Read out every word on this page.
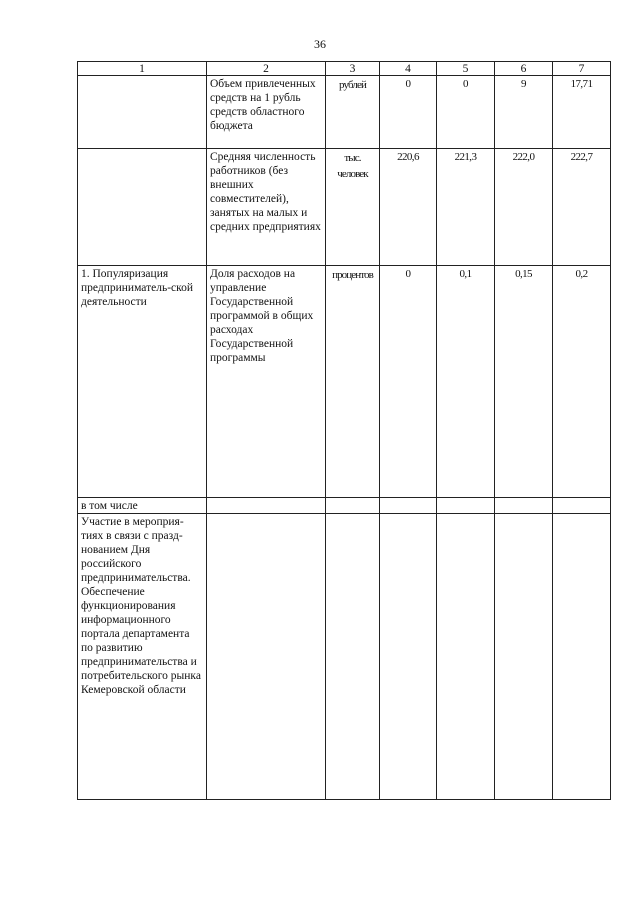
36
1	2	3	4	5	6	7
	Объем привлеченных средств на 1 рубль средств областного бюджета	рублей	0	0	9	17,71
	Средняя численность работников (без внешних совместителей), занятых на малых и средних предприятиях	тыс. человек	220,6	221,3	222,0	222,7
1. Популяризация предприниматель-ской деятельности	Доля расходов на управление Государственной программой в общих расходах Государственной программы	процентов	0	0,1	0,15	0,2
в том числе						
Участие в мероприя-тиях в связи с празд-нованием Дня российского предпринимательства. Обеспечение функционирования информационного портала департамента по развитию предпринимательства и потребительского рынка Кемеровской области						
